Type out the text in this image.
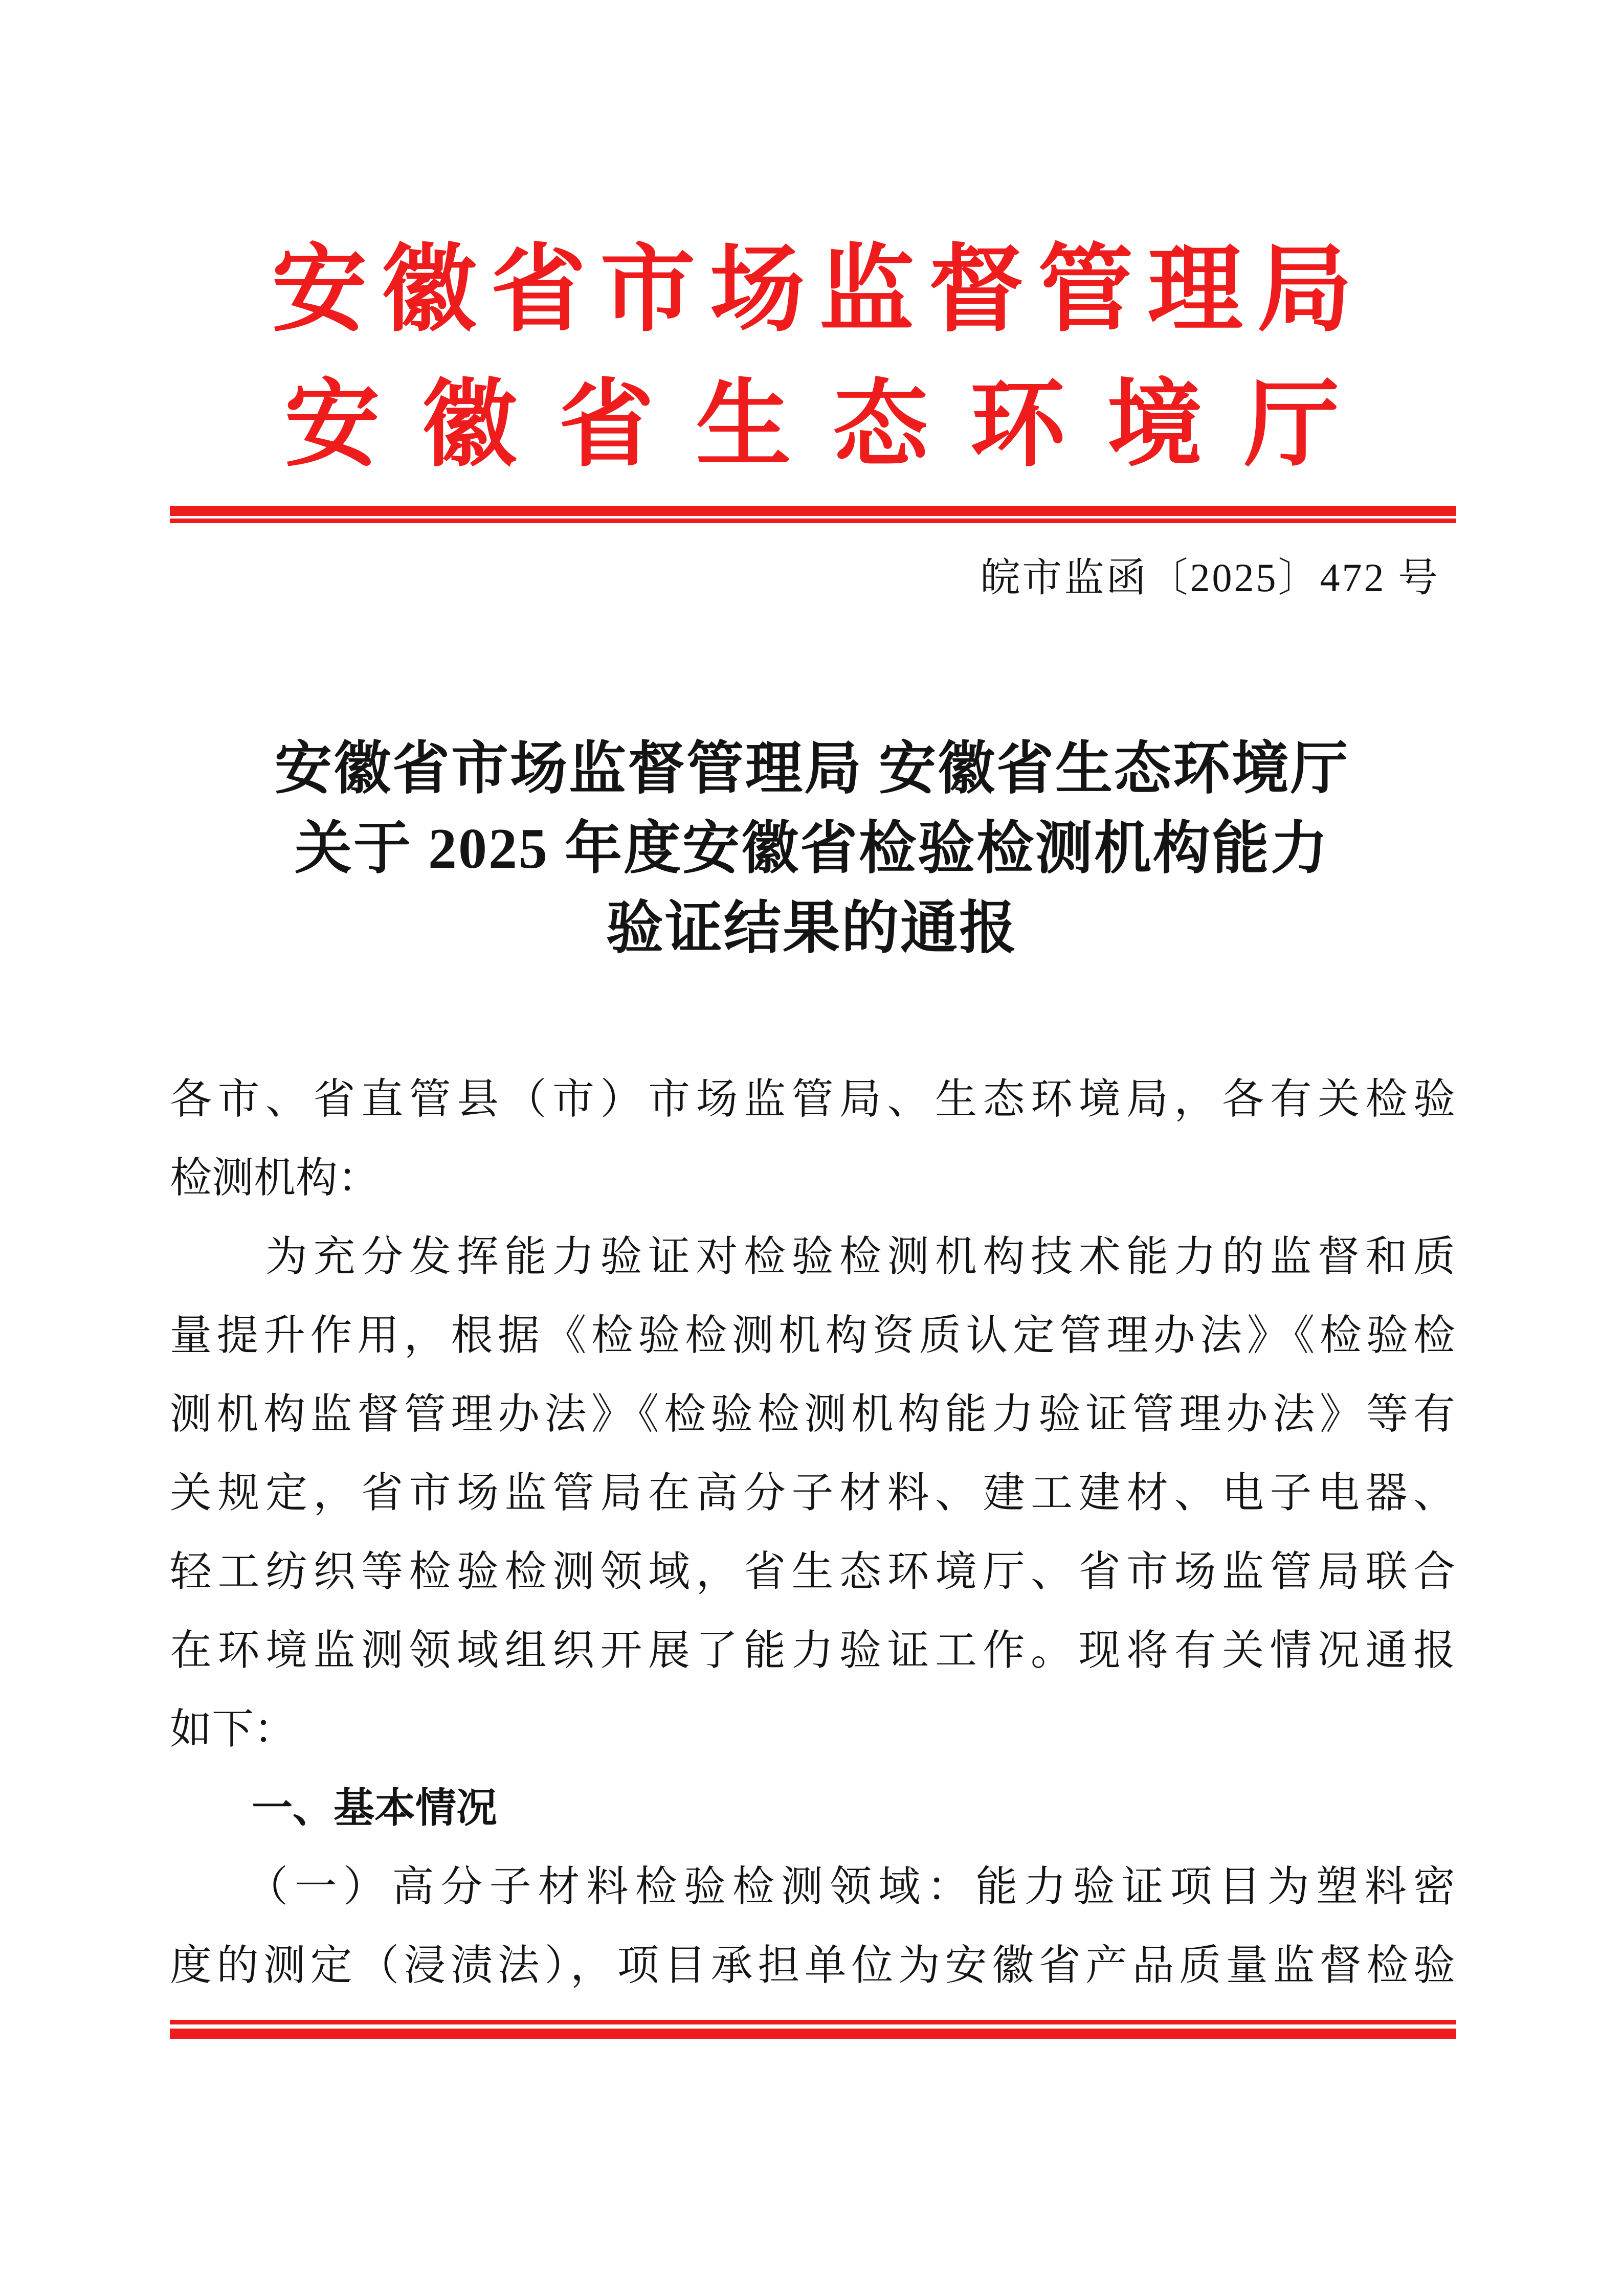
安徽省市场监督管理局
安徽省生态环境厅
皖市监函〔2025〕472 号
安徽省市场监督管理局 安徽省生态环境厅
关于 2025 年度安徽省检验检测机构能力
验证结果的通报
各市、省直管县（市）市场监管局、生态环境局，各有关检验
检测机构：
　　为充分发挥能力验证对检验检测机构技术能力的监督和质
量提升作用，根据《检验检测机构资质认定管理办法》《检验检
测机构监督管理办法》《检验检测机构能力验证管理办法》等有
关规定，省市场监管局在高分子材料、建工建材、电子电器、
轻工纺织等检验检测领域，省生态环境厅、省市场监管局联合
在环境监测领域组织开展了能力验证工作。现将有关情况通报
如下：
　　一、基本情况
　　（一）高分子材料检验检测领域：能力验证项目为塑料密
度的测定（浸渍法），项目承担单位为安徽省产品质量监督检验
